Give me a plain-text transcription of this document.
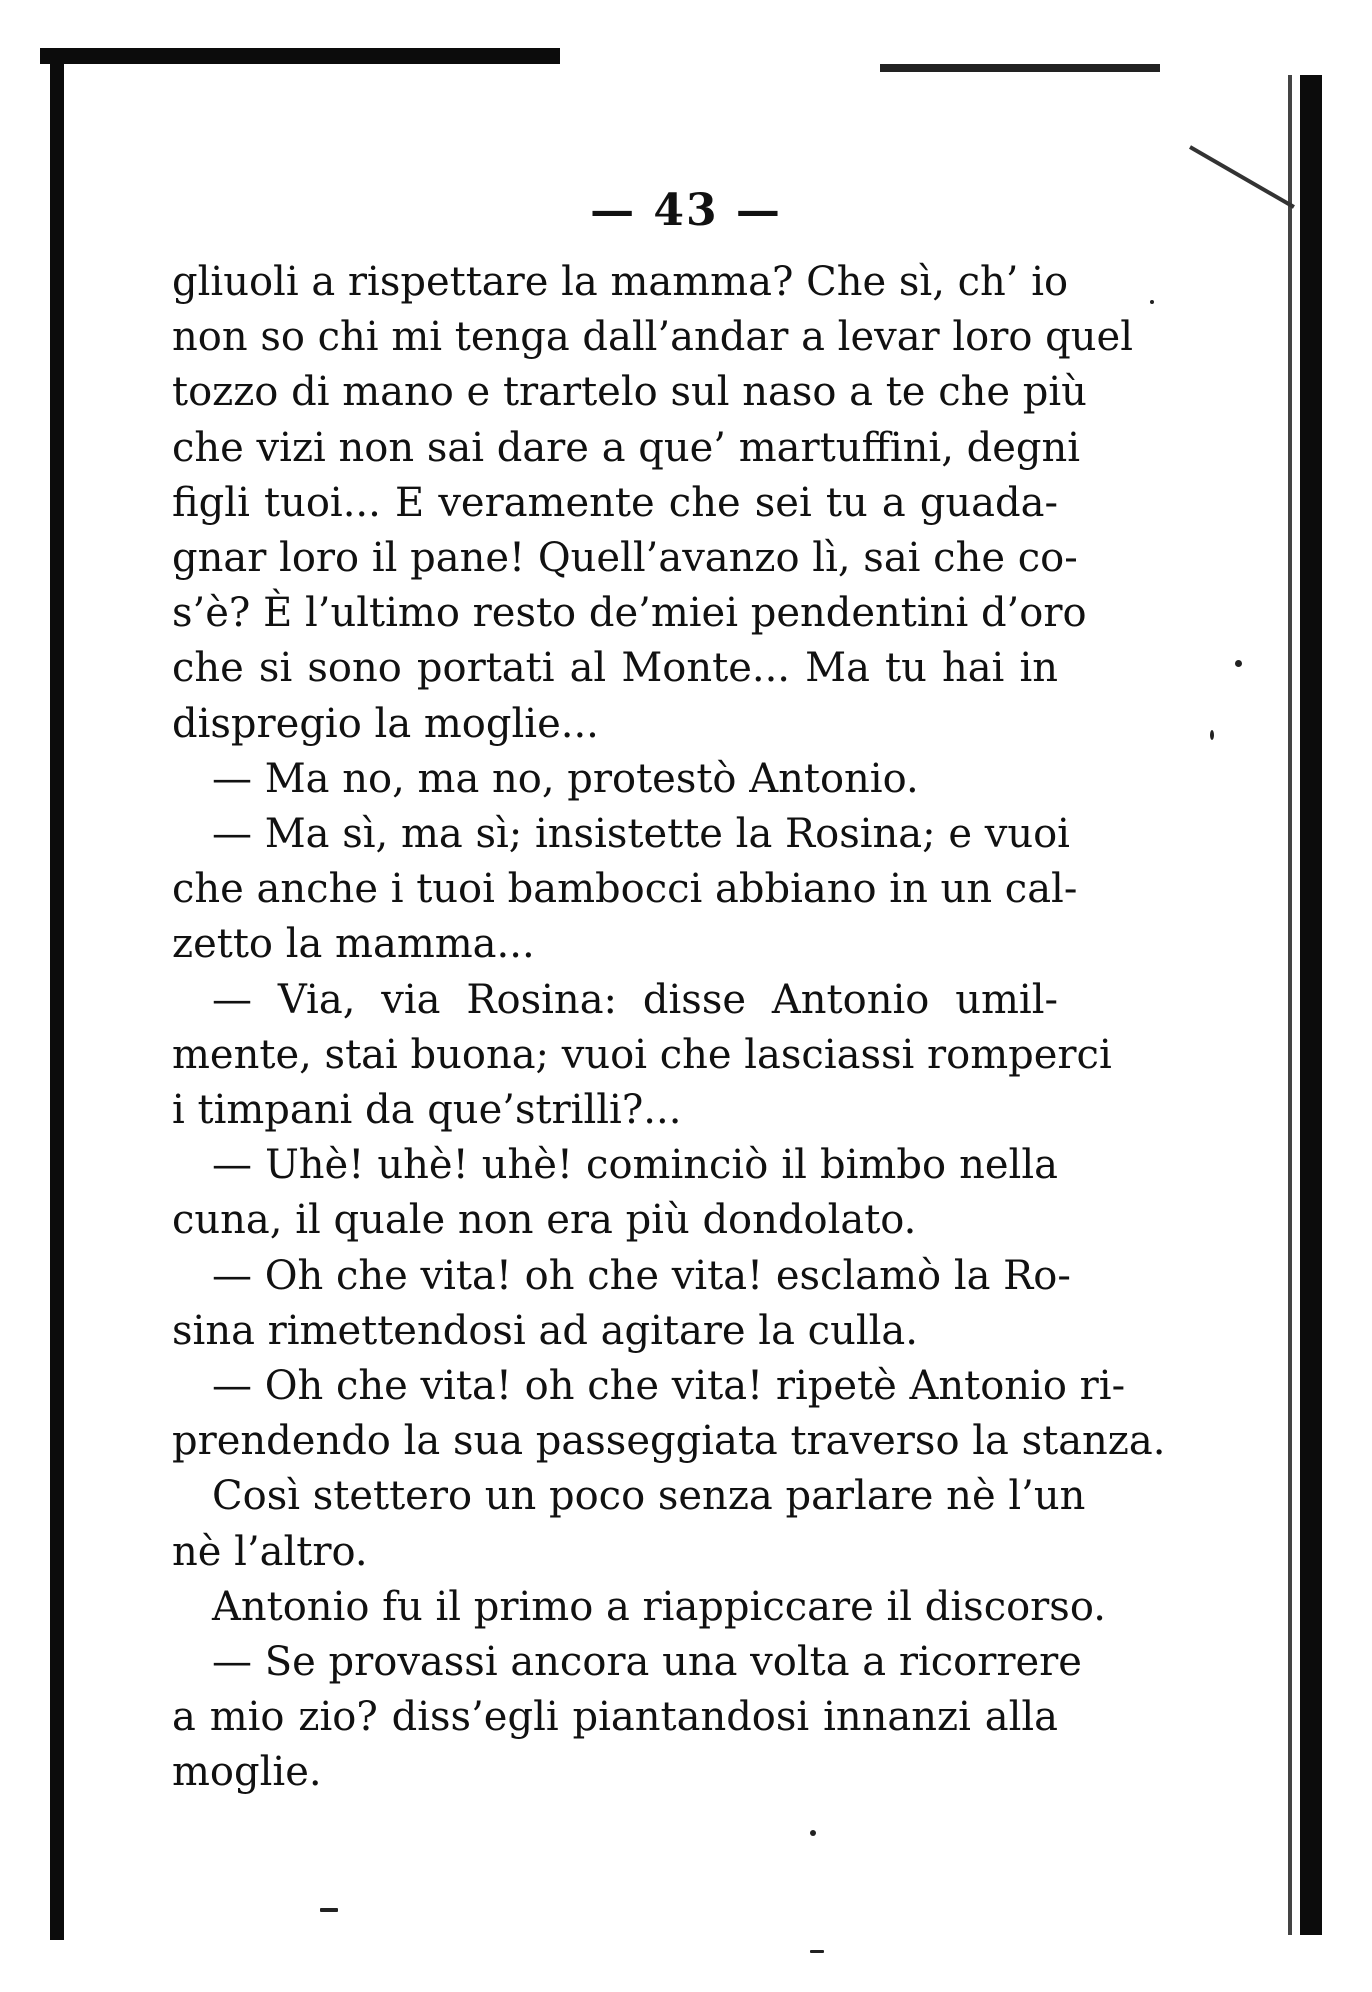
— 43 —
gliuoli a rispettare la mamma? Che sì, ch’ io
non so chi mi tenga dall’andar a levar loro quel
tozzo di mano e trartelo sul naso a te che più
che vizi non sai dare a que’ martuffini, degni
figli tuoi... E veramente che sei tu a guada-
gnar loro il pane! Quell’avanzo lì, sai che co-
s’è? È l’ultimo resto de’miei pendentini d’oro
che si sono portati al Monte... Ma tu hai in
dispregio la moglie...
— Ma no, ma no, protestò Antonio.
— Ma sì, ma sì; insistette la Rosina; e vuoi
che anche i tuoi bambocci abbiano in un cal-
zetto la mamma...
— Via, via Rosina: disse Antonio umil-
mente, stai buona; vuoi che lasciassi romperci
i timpani da que’strilli?...
— Uhè! uhè! uhè! cominciò il bimbo nella
cuna, il quale non era più dondolato.
— Oh che vita! oh che vita! esclamò la Ro-
sina rimettendosi ad agitare la culla.
— Oh che vita! oh che vita! ripetè Antonio ri-
prendendo la sua passeggiata traverso la stanza.
Così stettero un poco senza parlare nè l’un
nè l’altro.
Antonio fu il primo a riappiccare il discorso.
— Se provassi ancora una volta a ricorrere
a mio zio? diss’egli piantandosi innanzi alla
moglie.
